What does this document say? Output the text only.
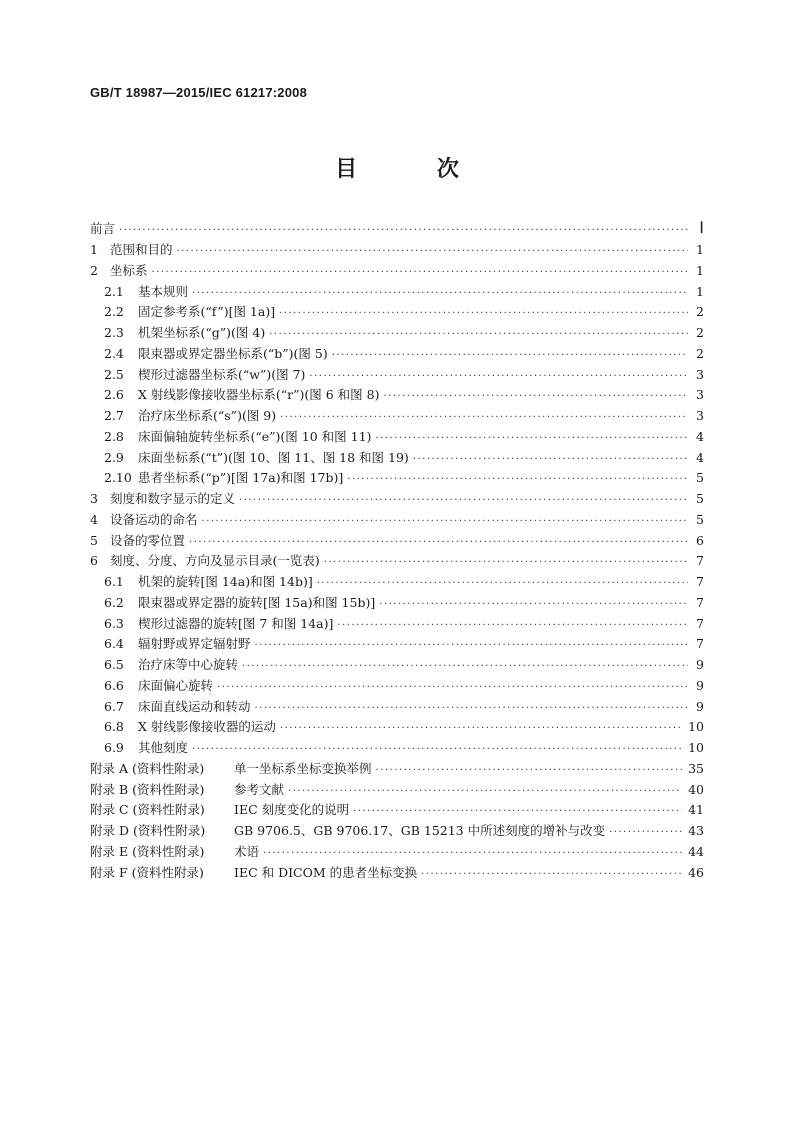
GB/T 18987—2015/IEC 61217:2008
目 次
前言 ·····	Ⅰ
1 范围和目的 ·····	1
2 坐标系 ·····	1
2.1	基本规则 ·····	1
2.2	固定参考系(“f”)[图 1a)] ·····	2
2.3	机架坐标系(“g”)(图 4) ·····	2
2.4	限束器或界定器坐标系(“b”)(图 5) ·····	2
2.5	楔形过滤器坐标系(“w”)(图 7) ·····	3
2.6	X 射线影像接收器坐标系(“r”)(图 6 和图 8) ·····	3
2.7	治疗床坐标系(“s”)(图 9) ·····	3
2.8	床面偏轴旋转坐标系(“e”)(图 10 和图 11) ·····	4
2.9	床面坐标系(“t”)(图 10、图 11、图 18 和图 19) ·····	4
2.10 患者坐标系(“p”)[图 17a)和图 17b)] ·····	5
3 刻度和数字显示的定义 ·····	5
4 设备运动的命名 ·····	5
5 设备的零位置 ·····	6
6 刻度、分度、方向及显示目录(一览表) ·····	7
6.1	机架的旋转[图 14a)和图 14b)] ·····	7
6.2	限束器或界定器的旋转[图 15a)和图 15b)] ·····	7
6.3	楔形过滤器的旋转[图 7 和图 14a)] ·····	7
6.4	辐射野或界定辐射野 ·····	7
6.5	治疗床等中心旋转 ·····	9
6.6	床面偏心旋转 ·····	9
6.7	床面直线运动和转动 ·····	9
6.8	X 射线影像接收器的运动 ·····	10
6.9	其他刻度 ·····	10
附录 A (资料性附录)	单一坐标系坐标变换举例 ·····	35
附录 B (资料性附录)	参考文献 ·····	40
附录 C (资料性附录)	IEC 刻度变化的说明 ·····	41
附录 D (资料性附录)	GB 9706.5、GB 9706.17、GB 15213 中所述刻度的增补与改变 ·····	43
附录 E (资料性附录)	术语 ·····	44
附录 F (资料性附录)	IEC 和 DICOM 的患者坐标变换 ·····	46
